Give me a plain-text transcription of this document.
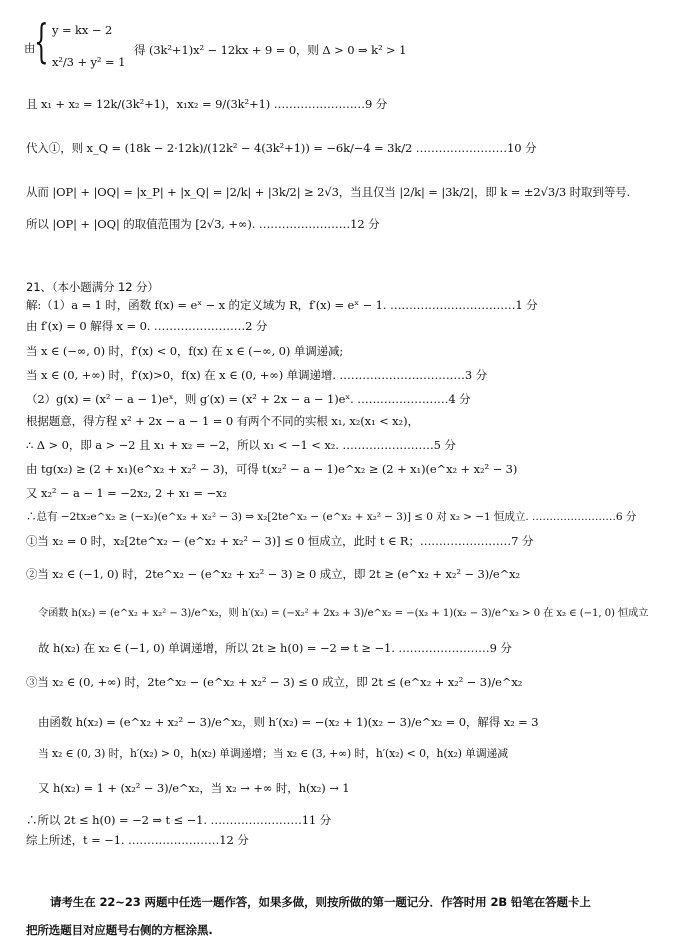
由
{ y = kx − 2
x²/3 + y² = 1
得 (3k²+1)x² − 12kx + 9 = 0，则 Δ > 0 ⇒ k² > 1
且 x₁ + x₂ = 12k/(3k²+1)，x₁x₂ = 9/(3k²+1) ……………………9 分
代入①，则 x_Q = (18k − 2·12k)/(12k² − 4(3k²+1)) = −6k/−4 = 3k/2 ……………………10 分
从而 |OP| + |OQ| = |x_P| + |x_Q| = |2/k| + |3k/2| ≥ 2√3，当且仅当 |2/k| = |3k/2|，即 k = ±2√3/3 时取到等号.
所以 |OP| + |OQ| 的取值范围为 [2√3, +∞). ……………………12 分
21、（本小题满分 12 分）
解:（1）a = 1 时，函数 f(x) = eˣ − x 的定义域为 R，f′(x) = eˣ − 1. ……………………………1 分
由 f′(x) = 0 解得 x = 0. ……………………2 分
当 x ∈ (−∞, 0) 时，f′(x) < 0，f(x) 在 x ∈ (−∞, 0) 单调递减;
当 x ∈ (0, +∞) 时，f′(x)>0，f(x) 在 x ∈ (0, +∞) 单调递增. ……………………………3 分
（2）g(x) = (x² − a − 1)eˣ，则 g′(x) = (x² + 2x − a − 1)eˣ. ……………………4 分
根据题意，得方程 x² + 2x − a − 1 = 0 有两个不同的实根 x₁, x₂(x₁ < x₂)，
∴ Δ > 0，即 a > −2 且 x₁ + x₂ = −2，所以 x₁ < −1 < x₂. ……………………5 分
由 tg(x₂) ≥ (2 + x₁)(e^x₂ + x₂² − 3)，可得 t(x₂² − a − 1)e^x₂ ≥ (2 + x₁)(e^x₂ + x₂² − 3)
又 x₂² − a − 1 = −2x₂, 2 + x₁ = −x₂
∴总有 −2tx₂e^x₂ ≥ (−x₂)(e^x₂ + x₂² − 3) ⇒ x₂[2te^x₂ − (e^x₂ + x₂² − 3)] ≤ 0 对 x₂ > −1 恒成立. ……………………6 分
①当 x₂ = 0 时，x₂[2te^x₂ − (e^x₂ + x₂² − 3)] ≤ 0 恒成立，此时 t ∈ R；……………………7 分
②当 x₂ ∈ (−1, 0) 时，2te^x₂ − (e^x₂ + x₂² − 3) ≥ 0 成立，即 2t ≥ (e^x₂ + x₂² − 3)/e^x₂
令函数 h(x₂) = (e^x₂ + x₂² − 3)/e^x₂，则 h′(x₂) = (−x₂² + 2x₂ + 3)/e^x₂ = −(x₂ + 1)(x₂ − 3)/e^x₂ > 0 在 x₂ ∈ (−1, 0) 恒成立
故 h(x₂) 在 x₂ ∈ (−1, 0) 单调递增，所以 2t ≥ h(0) = −2 ⇒ t ≥ −1. ……………………9 分
③当 x₂ ∈ (0, +∞) 时，2te^x₂ − (e^x₂ + x₂² − 3) ≤ 0 成立，即 2t ≤ (e^x₂ + x₂² − 3)/e^x₂
由函数 h(x₂) = (e^x₂ + x₂² − 3)/e^x₂，则 h′(x₂) = −(x₂ + 1)(x₂ − 3)/e^x₂ = 0，解得 x₂ = 3
当 x₂ ∈ (0, 3) 时，h′(x₂) > 0，h(x₂) 单调递增；当 x₂ ∈ (3, +∞) 时，h′(x₂) < 0，h(x₂) 单调递减
又 h(x₂) = 1 + (x₂² − 3)/e^x₂，当 x₂ → +∞ 时，h(x₂) → 1
∴所以 2t ≤ h(0) = −2 ⇒ t ≤ −1. ……………………11 分
综上所述，t = −1. ……………………12 分
请考生在 22~23 两题中任选一题作答，如果多做，则按所做的第一题记分．作答时用 2B 铅笔在答题卡上
把所选题目对应题号右侧的方框涂黑.
